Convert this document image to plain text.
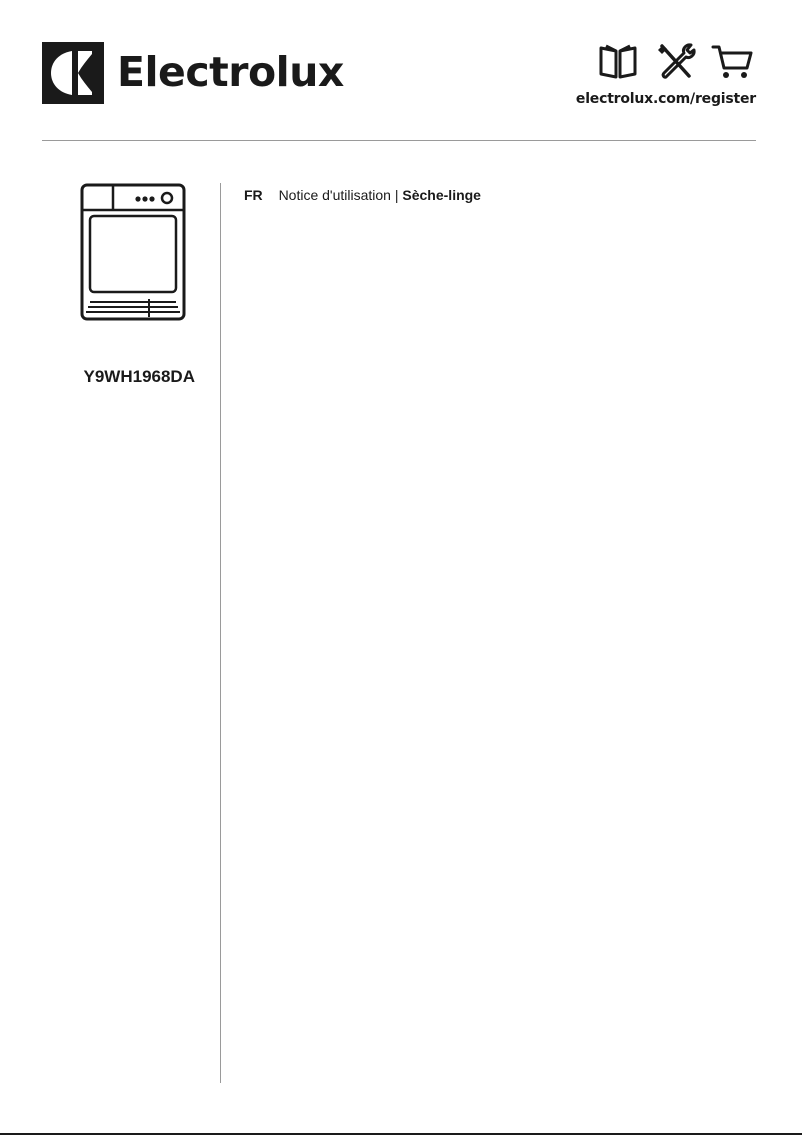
Electrolux
electrolux.com/register
Y9WH1968DA
FR Notice d'utilisation | Sèche-linge
